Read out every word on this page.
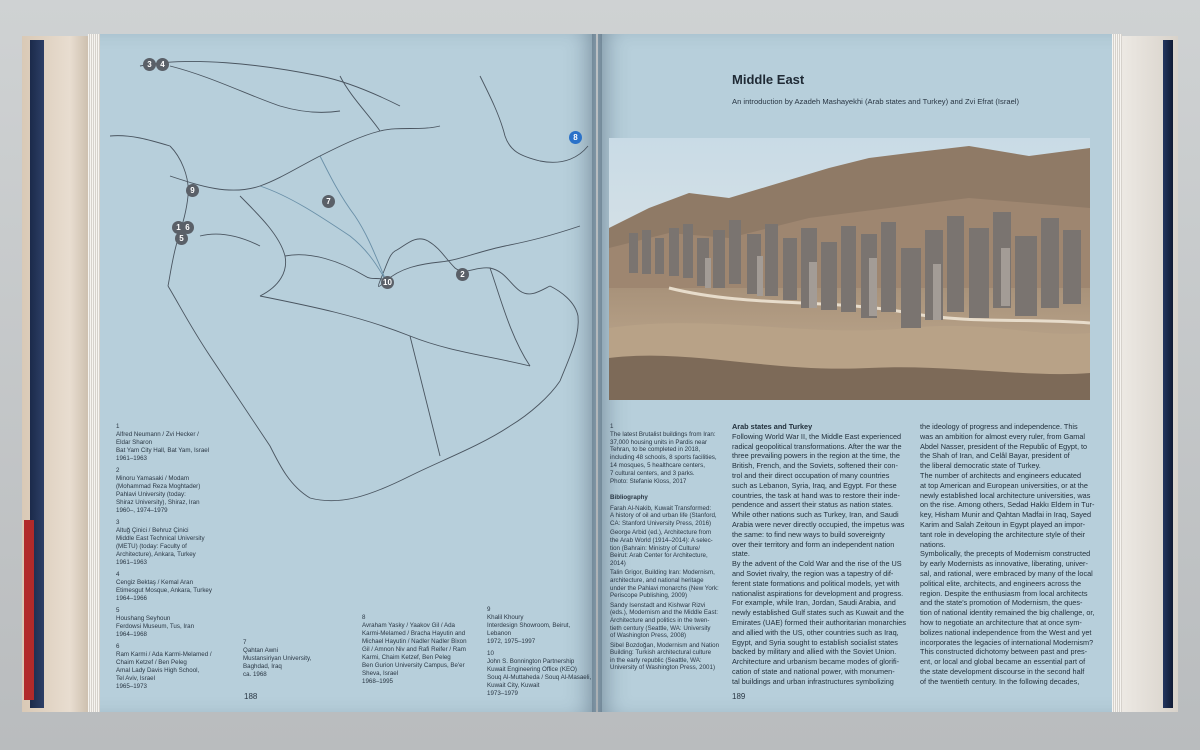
3	4
9
1 6
5
7
10
2
8
1
Alfred Neumann / Zvi Hecker /
Eldar Sharon
Bat Yam City Hall, Bat Yam, Israel
1961–1963
2
Minoru Yamasaki / Modam
(Mohammad Reza Moghtader)
Pahlavi University (today:
Shiraz University), Shiraz, Iran
1960–, 1974–1979
3
Altuğ Çinici / Behruz Çinici
Middle East Technical University
(METU) (today: Faculty of
Architecture), Ankara, Turkey
1961–1963
4
Cengiz Bektaş / Kemal Aran
Etimesgut Mosque, Ankara, Turkey
1964–1966
5
Houshang Seyhoun
Ferdowsi Museum, Tus, Iran
1964–1968
6
Ram Karmi / Ada Karmi-Melamed /
Chaim Ketzef / Ben Peleg
Amal Lady Davis High School,
Tel Aviv, Israel
1965–1973
7
Qahtan Awni
Mustansiriyan University,
Baghdad, Iraq
ca. 1968
8
Avraham Yasky / Yaakov Gil / Ada
Karmi-Melamed / Bracha Hayutin and
Michael Hayutin / Nadler Nadler Bixon
Gil / Amnon Niv and Rafi Reifer / Ram
Karmi, Chaim Ketzef, Ben Peleg
Ben Gurion University Campus, Be'er
Sheva, Israel
1968–1995
9
Khalil Khoury
Interdesign Showroom, Beirut, Lebanon
1972, 1975–1997
10
John S. Bonnington Partnership
Kuwait Engineering Office (KEO)
Souq Al-Muttaheda / Souq Al-Masaeli,
Kuwait City, Kuwait
1973–1979
188
Middle East
An introduction by Azadeh Mashayekhi (Arab states and Turkey) and Zvi Efrat (Israel)
1
The latest Brutalist buildings from Iran:
37,000 housing units in Pardis near
Tehran, to be completed in 2018,
including 48 schools, 8 sports facilities,
14 mosques, 5 healthcare centers,
7 cultural centers, and 3 parks.
Photo: Stefanie Kloss, 2017
Bibliography
Farah Al-Nakib, Kuwait Transformed:
A history of oil and urban life (Stanford,
CA: Stanford University Press, 2016)
George Arbid (ed.), Architecture from
the Arab World (1914–2014): A selec-
tion (Bahrain: Ministry of Culture/
Beirut: Arab Center for Architecture,
2014)
Talin Grigor, Building Iran: Modernism,
architecture, and national heritage
under the Pahlavi monarchs (New York:
Periscope Publishing, 2009)
Sandy Isenstadt and Kishwar Rizvi
(eds.), Modernism and the Middle East:
Architecture and politics in the twen-
tieth century (Seattle, WA: University
of Washington Press, 2008)
Sibel Bozdoğan, Modernism and Nation
Building: Turkish architectural culture
in the early republic (Seattle, WA:
University of Washington Press, 2001)
Arab states and Turkey
Following World War II, the Middle East experienced
radical geopolitical transformations. After the war the
three prevailing powers in the region at the time, the
British, French, and the Soviets, softened their con-
trol and their direct occupation of many countries
such as Lebanon, Syria, Iraq, and Egypt. For these
countries, the task at hand was to restore their inde-
pendence and assert their status as nation states.
While other nations such as Turkey, Iran, and Saudi
Arabia were never directly occupied, the impetus was
the same: to find new ways to build sovereignty
over their territory and form an independent nation
state.
By the advent of the Cold War and the rise of the US
and Soviet rivalry, the region was a tapestry of dif-
ferent state formations and political models, yet with
nationalist aspirations for development and progress.
For example, while Iran, Jordan, Saudi Arabia, and
newly established Gulf states such as Kuwait and the
Emirates (UAE) formed their authoritarian monarchies
and allied with the US, other countries such as Iraq,
Egypt, and Syria sought to establish socialist states
backed by military and allied with the Soviet Union.
Architecture and urbanism became modes of glorifi-
cation of state and national power, with monumen-
tal buildings and urban infrastructures symbolizing
the ideology of progress and independence. This
was an ambition for almost every ruler, from Gamal
Abdel Nasser, president of the Republic of Egypt, to
the Shah of Iran, and Celâl Bayar, president of
the liberal democratic state of Turkey.
The number of architects and engineers educated
at top American and European universities, or at the
newly established local architecture universities, was
on the rise. Among others, Sedad Hakkı Eldem in Tur-
key, Hisham Munir and Qahtan Madfai in Iraq, Sayed
Karim and Salah Zeitoun in Egypt played an impor-
tant role in developing the architecture style of their
nations.
Symbolically, the precepts of Modernism constructed
by early Modernists as innovative, liberating, univer-
sal, and rational, were embraced by many of the local
political elite, architects, and engineers across the
region. Despite the enthusiasm from local architects
and the state's promotion of Modernism, the ques-
tion of national identity remained the big challenge, or,
how to negotiate an architecture that at once sym-
bolizes national independence from the West and yet
incorporates the legacies of international Modernism?
This constructed dichotomy between past and pres-
ent, or local and global became an essential part of
the state development discourse in the second half
of the twentieth century. In the following decades,
189
